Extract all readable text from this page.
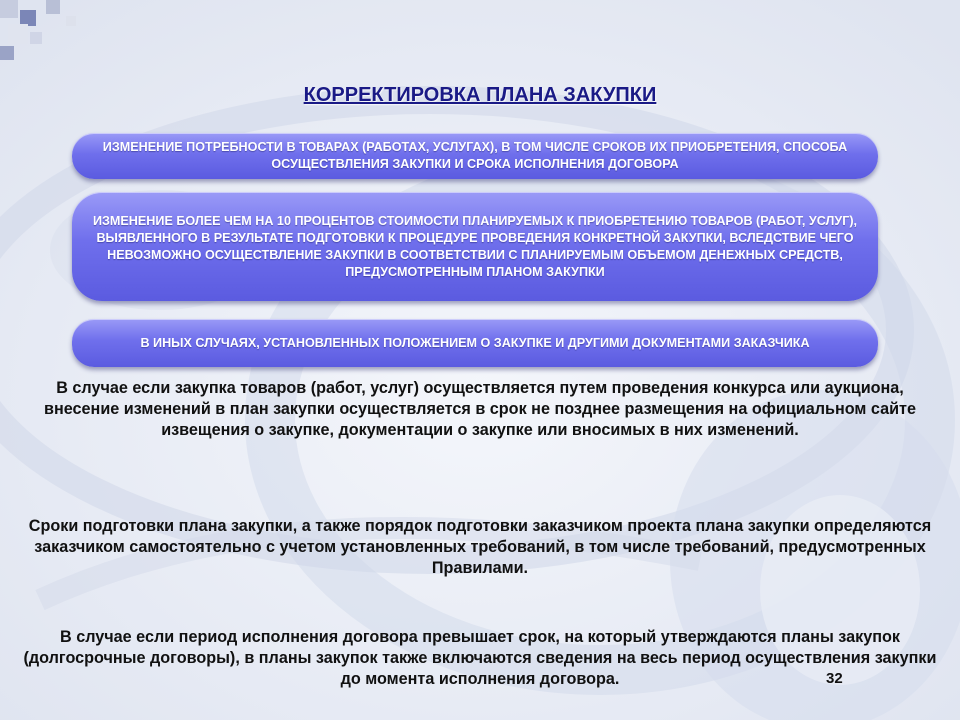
КОРРЕКТИРОВКА ПЛАНА ЗАКУПКИ
ИЗМЕНЕНИЕ ПОТРЕБНОСТИ В ТОВАРАХ (РАБОТАХ, УСЛУГАХ), В ТОМ ЧИСЛЕ СРОКОВ ИХ ПРИОБРЕТЕНИЯ, СПОСОБА ОСУЩЕСТВЛЕНИЯ ЗАКУПКИ И СРОКА ИСПОЛНЕНИЯ ДОГОВОРА
ИЗМЕНЕНИЕ БОЛЕЕ ЧЕМ НА 10 ПРОЦЕНТОВ СТОИМОСТИ ПЛАНИРУЕМЫХ К ПРИОБРЕТЕНИЮ ТОВАРОВ (РАБОТ, УСЛУГ), ВЫЯВЛЕННОГО В РЕЗУЛЬТАТЕ ПОДГОТОВКИ К ПРОЦЕДУРЕ ПРОВЕДЕНИЯ КОНКРЕТНОЙ ЗАКУПКИ, ВСЛЕДСТВИЕ ЧЕГО НЕВОЗМОЖНО ОСУЩЕСТВЛЕНИЕ ЗАКУПКИ В СООТВЕТСТВИИ С ПЛАНИРУЕМЫМ ОБЪЕМОМ ДЕНЕЖНЫХ СРЕДСТВ, ПРЕДУСМОТРЕННЫМ ПЛАНОМ ЗАКУПКИ
В ИНЫХ СЛУЧАЯХ, УСТАНОВЛЕННЫХ ПОЛОЖЕНИЕМ О ЗАКУПКЕ И ДРУГИМИ ДОКУМЕНТАМИ ЗАКАЗЧИКА
В случае если закупка товаров (работ, услуг) осуществляется путем проведения конкурса или аукциона, внесение изменений в план закупки осуществляется в срок не позднее размещения на официальном сайте извещения о закупке, документации о закупке или вносимых в них изменений.
Сроки подготовки плана закупки, а также порядок подготовки заказчиком проекта плана закупки определяются заказчиком самостоятельно с учетом установленных требований, в том числе требований, предусмотренных Правилами.
В случае если период исполнения договора превышает срок, на который утверждаются планы закупок (долгосрочные договоры), в планы закупок также включаются сведения на весь период осуществления закупки до момента исполнения договора.	32
